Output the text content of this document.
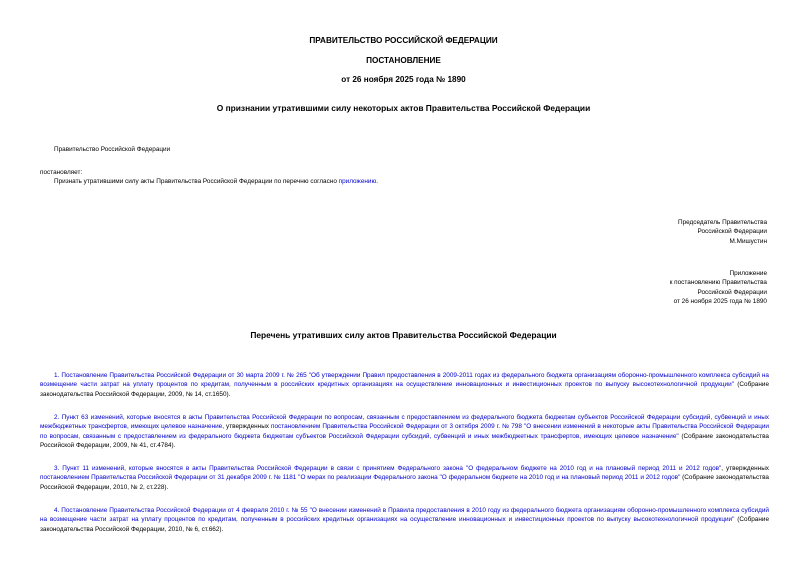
ПРАВИТЕЛЬСТВО РОССИЙСКОЙ ФЕДЕРАЦИИ
ПОСТАНОВЛЕНИЕ
от 26 ноября 2025 года № 1890
О признании утратившими силу некоторых актов Правительства Российской Федерации
Правительство Российской Федерации
постановляет:
Признать утратившими силу акты Правительства Российской Федерации по перечню согласно приложению.
Председатель Правительства
Российской Федерации
М.Мишустин
Приложение
к постановлению Правительства
Российской Федерации
от 26 ноября 2025 года № 1890
Перечень утративших силу актов Правительства Российской Федерации
1. Постановление Правительства Российской Федерации от 30 марта 2009 г. № 265 "Об утверждении Правил предоставления в 2009-2011 годах из федерального бюджета организациям оборонно-промышленного комплекса субсидий на возмещение части затрат на уплату процентов по кредитам, полученным в российских кредитных организациях на осуществление инновационных и инвестиционных проектов по выпуску высокотехнологичной продукции" (Собрание законодательства Российской Федерации, 2009, № 14, ст.1650).
2. Пункт 63 изменений, которые вносятся в акты Правительства Российской Федерации по вопросам, связанным с предоставлением из федерального бюджета бюджетам субъектов Российской Федерации субсидий, субвенций и иных межбюджетных трансфертов, имеющих целевое назначение, утвержденных постановлением Правительства Российской Федерации от 3 октября 2009 г. № 798 "О внесении изменений в некоторые акты Правительства Российской Федерации по вопросам, связанным с предоставлением из федерального бюджета бюджетам субъектов Российской Федерации субсидий, субвенций и иных межбюджетных трансфертов, имеющих целевое назначение" (Собрание законодательства Российской Федерации, 2009, № 41, ст.4784).
3. Пункт 11 изменений, которые вносятся в акты Правительства Российской Федерации в связи с принятием Федерального закона "О федеральном бюджете на 2010 год и на плановый период 2011 и 2012 годов", утвержденных постановлением Правительства Российской Федерации от 31 декабря 2009 г. № 1181 "О мерах по реализации Федерального закона "О федеральном бюджете на 2010 год и на плановый период 2011 и 2012 годов" (Собрание законодательства Российской Федерации, 2010, № 2, ст.228).
4. Постановление Правительства Российской Федерации от 4 февраля 2010 г. № 55 "О внесении изменений в Правила предоставления в 2010 году из федерального бюджета организациям оборонно-промышленного комплекса субсидий на возмещение части затрат на уплату процентов по кредитам, полученным в российских кредитных организациях на осуществление инновационных и инвестиционных проектов по выпуску высокотехнологичной продукции" (Собрание законодательства Российской Федерации, 2010, № 6, ст.662).
